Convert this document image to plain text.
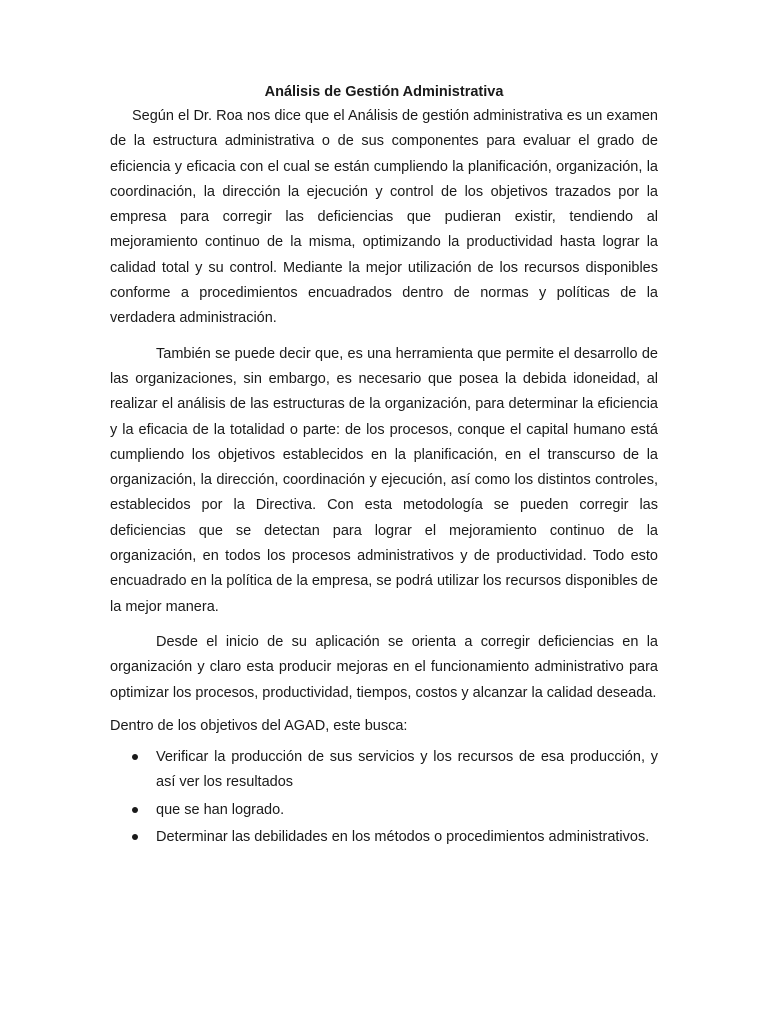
Análisis de Gestión Administrativa

Según el Dr. Roa nos dice que el Análisis de gestión administrativa es un examen de la estructura administrativa o de sus componentes para evaluar el grado de eficiencia y eficacia con el cual se están cumpliendo la planificación, organización, la coordinación, la dirección la ejecución y control de los objetivos trazados por la empresa para corregir las deficiencias que pudieran existir, tendiendo al mejoramiento continuo de la misma, optimizando la productividad hasta lograr la calidad total y su control. Mediante la mejor utilización de los recursos disponibles conforme a procedimientos encuadrados dentro de normas y políticas de la verdadera administración.

También se puede decir que, es una herramienta que permite el desarrollo de las organizaciones, sin embargo, es necesario que posea la debida idoneidad, al realizar el análisis de las estructuras de la organización, para determinar la eficiencia y la eficacia de la totalidad o parte: de los procesos, conque el capital humano está cumpliendo los objetivos establecidos en la planificación, en el transcurso de la organización, la dirección, coordinación y ejecución, así como los distintos controles, establecidos por la Directiva. Con esta metodología se pueden corregir las deficiencias que se detectan para lograr el mejoramiento continuo de la organización, en todos los procesos administrativos y de productividad. Todo esto encuadrado en la política de la empresa, se podrá utilizar los recursos disponibles de la mejor manera.

Desde el inicio de su aplicación se orienta a corregir deficiencias en la organización y claro esta producir mejoras en el funcionamiento administrativo para optimizar los procesos, productividad, tiempos, costos y alcanzar la calidad deseada.

Dentro de los objetivos del AGAD, este busca:

Verificar la producción de sus servicios y los recursos de esa producción, y así ver los resultados
que se han logrado.
Determinar las debilidades en los métodos o procedimientos administrativos.
